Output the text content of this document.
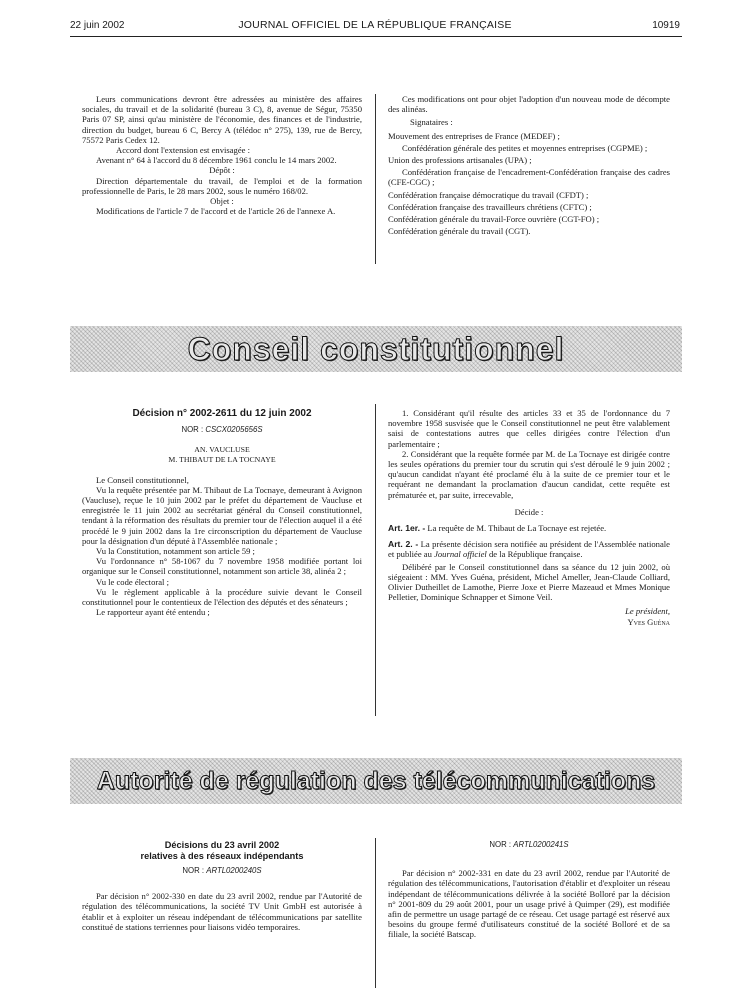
22 juin 2002	JOURNAL OFFICIEL DE LA RÉPUBLIQUE FRANÇAISE	10919

Leurs communications devront être adressées au ministère des affaires sociales, du travail et de la solidarité (bureau 3 C), 8, avenue de Ségur, 75350 Paris 07 SP, ainsi qu'au ministère de l'économie, des finances et de l'industrie, direction du budget, bureau 6 C, Bercy A (télédoc n° 275), 139, rue de Bercy, 75572 Paris Cedex 12.

Accord dont l'extension est envisagée :

Avenant n° 64 à l'accord du 8 décembre 1961 conclu le 14 mars 2002.

Dépôt :

Direction départementale du travail, de l'emploi et de la formation professionnelle de Paris, le 28 mars 2002, sous le numéro 168/02.

Objet :

Modifications de l'article 7 de l'accord et de l'article 26 de l'annexe A.

Ces modifications ont pour objet l'adoption d'un nouveau mode de décompte des alinéas.

Signataires :

Mouvement des entreprises de France (MEDEF) ;

Confédération générale des petites et moyennes entreprises (CGPME) ;

Union des professions artisanales (UPA) ;

Confédération française de l'encadrement-Confédération française des cadres (CFE-CGC) ;

Confédération française démocratique du travail (CFDT) ;

Confédération française des travailleurs chrétiens (CFTC) ;

Confédération générale du travail-Force ouvrière (CGT-FO) ;

Confédération générale du travail (CGT).

Conseil constitutionnel

Décision n° 2002-2611 du 12 juin 2002

NOR : CSCX0205656S

AN. VAUCLUSE

M. THIBAUT DE LA TOCNAYE

Le Conseil constitutionnel,

Vu la requête présentée par M. Thibaut de La Tocnaye, demeurant à Avignon (Vaucluse), reçue le 10 juin 2002 par le préfet du département de Vaucluse et enregistrée le 11 juin 2002 au secrétariat général du Conseil constitutionnel, tendant à la réformation des résultats du premier tour de l'élection auquel il a été procédé le 9 juin 2002 dans la 1re circonscription du département de Vaucluse pour la désignation d'un député à l'Assemblée nationale ;

Vu la Constitution, notamment son article 59 ;

Vu l'ordonnance n° 58-1067 du 7 novembre 1958 modifiée portant loi organique sur le Conseil constitutionnel, notamment son article 38, alinéa 2 ;

Vu le code électoral ;

Vu le règlement applicable à la procédure suivie devant le Conseil constitutionnel pour le contentieux de l'élection des députés et des sénateurs ;

Le rapporteur ayant été entendu ;

1. Considérant qu'il résulte des articles 33 et 35 de l'ordonnance du 7 novembre 1958 susvisée que le Conseil constitutionnel ne peut être valablement saisi de contestations autres que celles dirigées contre l'élection d'un parlementaire ;

2. Considérant que la requête formée par M. de La Tocnaye est dirigée contre les seules opérations du premier tour du scrutin qui s'est déroulé le 9 juin 2002 ; qu'aucun candidat n'ayant été proclamé élu à la suite de ce premier tour et le requérant ne demandant la proclamation d'aucun candidat, cette requête est prématurée et, par suite, irrecevable,

Décide :

Art. 1er. - La requête de M. Thibaut de La Tocnaye est rejetée.

Art. 2. - La présente décision sera notifiée au président de l'Assemblée nationale et publiée au Journal officiel de la République française.

Délibéré par le Conseil constitutionnel dans sa séance du 12 juin 2002, où siégeaient : MM. Yves Guéna, président, Michel Ameller, Jean-Claude Colliard, Olivier Dutheillet de Lamothe, Pierre Joxe et Pierre Mazeaud et Mmes Monique Pelletier, Dominique Schnapper et Simone Veil.

Le président,

Yves Guéna

Autorité de régulation des télécommunications

Décisions du 23 avril 2002

relatives à des réseaux indépendants

NOR : ARTL0200240S

Par décision n° 2002-330 en date du 23 avril 2002, rendue par l'Autorité de régulation des télécommunications, la société TV Unit GmbH est autorisée à établir et à exploiter un réseau indépendant de télécommunications par satellite constitué de stations terriennes pour liaisons vidéo temporaires.

NOR : ARTL0200241S

Par décision n° 2002-331 en date du 23 avril 2002, rendue par l'Autorité de régulation des télécommunications, l'autorisation d'établir et d'exploiter un réseau indépendant de télécommunications délivrée à la société Bolloré par la décision n° 2001-809 du 29 août 2001, pour un usage privé à Quimper (29), est modifiée afin de permettre un usage partagé de ce réseau. Cet usage partagé est réservé aux besoins du groupe fermé d'utilisateurs constitué de la société Bolloré et de sa filiale, la société Batscap.
